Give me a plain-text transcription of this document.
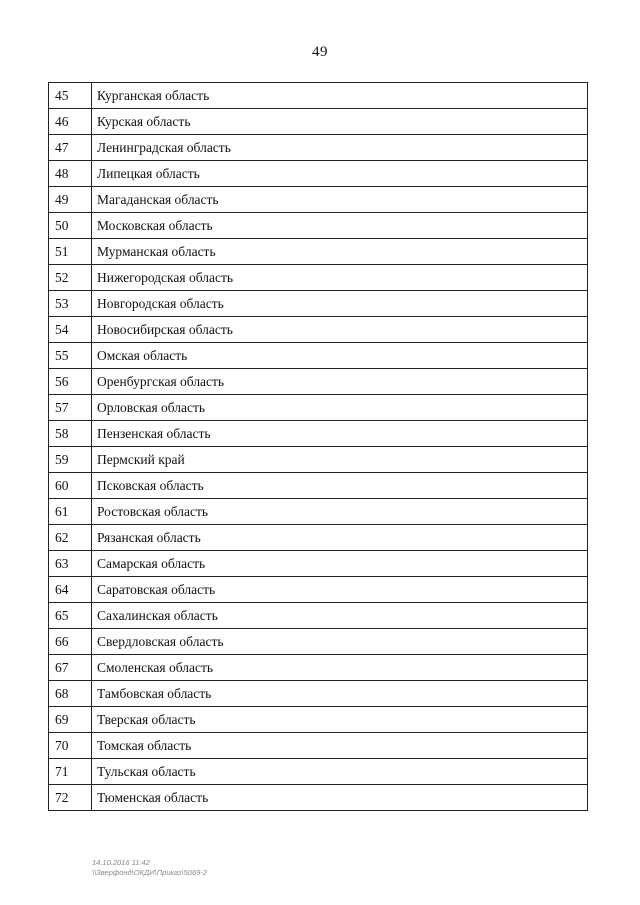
49
45	Курганская область
46	Курская область
47	Ленинградская область
48	Липецкая область
49	Магаданская область
50	Московская область
51	Мурманская область
52	Нижегородская область
53	Новгородская область
54	Новосибирская область
55	Омская область
56	Оренбургская область
57	Орловская область
58	Пензенская область
59	Пермский край
60	Псковская область
61	Ростовская область
62	Рязанская область
63	Самарская область
64	Саратовская область
65	Сахалинская область
66	Свердловская область
67	Смоленская область
68	Тамбовская область
69	Тверская область
70	Томская область
71	Тульская область
72	Тюменская область
14.10.2016 11:42
\\Зверфонд\ОКДИ\Приказ\5069-2
